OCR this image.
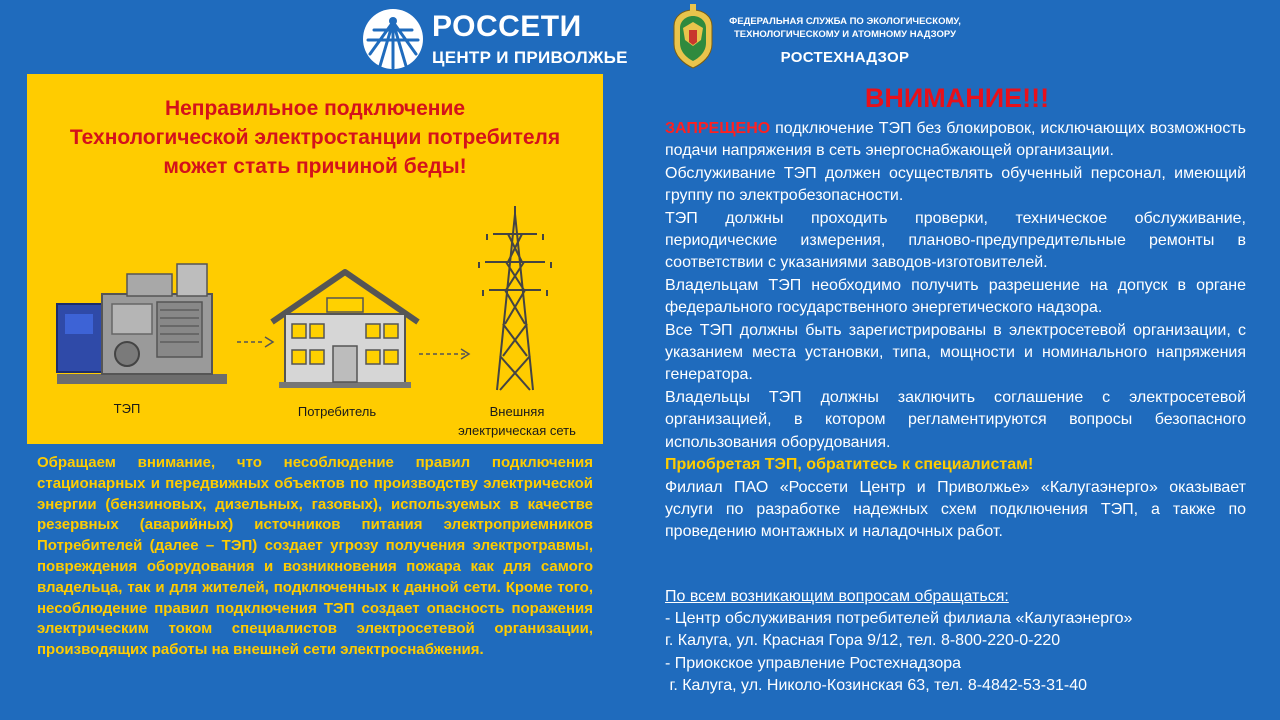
РОССЕТИ
ЦЕНТР И ПРИВОЛЖЬЕ
ФЕДЕРАЛЬНАЯ СЛУЖБА ПО ЭКОЛОГИЧЕСКОМУ,
ТЕХНОЛОГИЧЕСКОМУ И АТОМНОМУ НАДЗОРУ
РОСТЕХНАДЗОР
Неправильное подключение
Технологической электростанции потребителя
может стать причиной беды!
ТЭП	Потребитель	Внешняя
электрическая сеть
Обращаем внимание, что несоблюдение правил подключения стационарных и передвижных объектов по производству электрической энергии (бензиновых, дизельных, газовых), используемых в качестве резервных (аварийных) источников питания электроприемников Потребителей (далее – ТЭП) создает угрозу получения электротравмы, повреждения оборудования и возникновения пожара как для самого владельца, так и для жителей, подключенных к данной сети. Кроме того, несоблюдение правил подключения ТЭП создает опасность поражения электрическим током специалистов электросетевой организации, производящих работы на внешней сети электроснабжения.
ВНИМАНИЕ!!!

ЗАПРЕЩЕНО подключение ТЭП без блокировок, исключающих возможность подачи напряжения в сеть энергоснабжающей организации.

Обслуживание ТЭП должен осуществлять обученный персонал, имеющий группу по электробезопасности.

ТЭП должны проходить проверки, техническое обслуживание, периодические измерения, планово-предупредительные ремонты в соответствии с указаниями заводов-изготовителей.

Владельцам ТЭП необходимо получить разрешение на допуск в органе федерального государственного энергетического надзора.

Все ТЭП должны быть зарегистрированы в электросетевой организации, с указанием места установки, типа, мощности и номинального напряжения генератора.

Владельцы ТЭП должны заключить соглашение с электросетевой организацией, в котором регламентируются вопросы безопасного использования оборудования.

Приобретая ТЭП, обратитесь к специалистам!

Филиал ПАО «Россети Центр и Приволжье» «Калугаэнерго» оказывает услуги по разработке надежных схем подключения ТЭП, а также по проведению монтажных и наладочных работ.

По всем возникающим вопросам обращаться:
- Центр обслуживания потребителей филиала «Калугаэнерго»
г. Калуга, ул. Красная Гора 9/12, тел. 8-800-220-0-220
- Приокское управление Ростехнадзора
г. Калуга, ул. Николо-Козинская 63, тел. 8-4842-53-31-40
